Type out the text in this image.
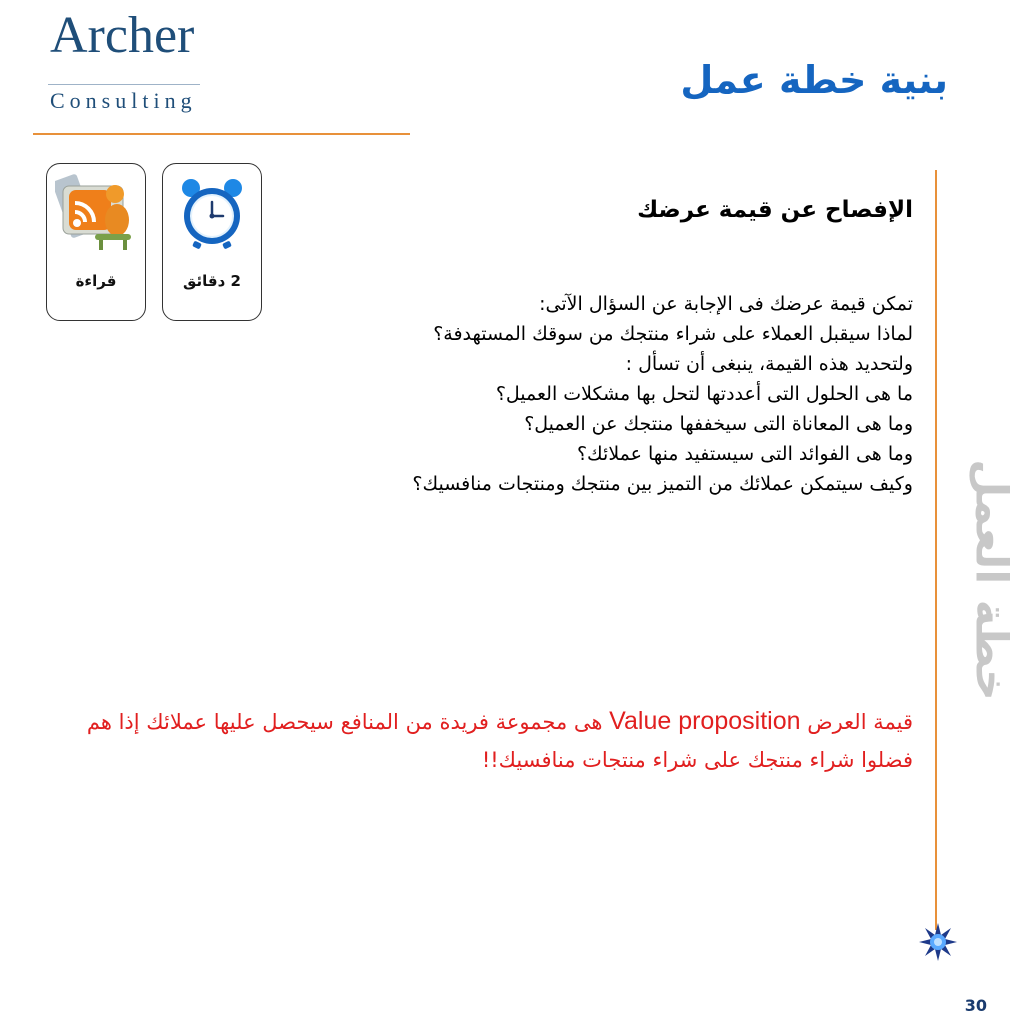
Archer
Consulting	بنية خطة عمل
خطة العمل
قراءة	2 دقائق
الإفصاح عن قيمة عرضك
تمكن قيمة عرضك فى الإجابة عن السؤال الآتى:
لماذا سيقبل العملاء على شراء منتجك من سوقك المستهدفة؟
ولتحديد هذه القيمة، ينبغى أن تسأل :
ما هى الحلول التى أعددتها لتحل بها مشكلات العميل؟
وما هى المعاناة التى سيخففها منتجك عن العميل؟
وما هى الفوائد التى سيستفيد منها عملائك؟
وكيف سيتمكن عملائك من التميز بين منتجك ومنتجات منافسيك؟
قيمة العرض Value proposition هى مجموعة فريدة من المنافع سيحصل عليها عملائك إذا هم فضلوا شراء منتجك على شراء منتجات منافسيك!!
30
